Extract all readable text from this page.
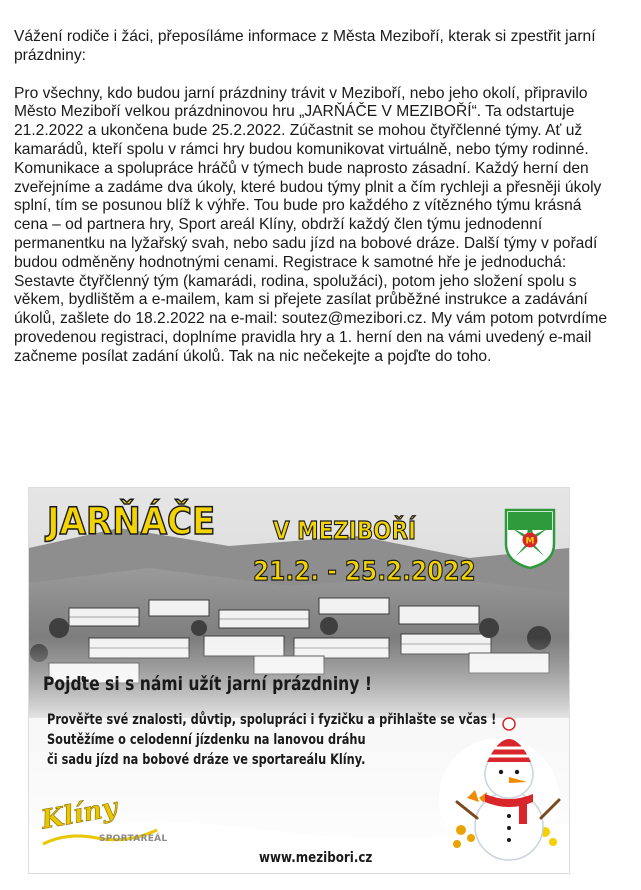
Vážení rodiče i žáci, přeposíláme informace z Města Meziboří, kterak si zpestřit jarní prázdniny:

Pro všechny, kdo budou jarní prázdniny trávit v Meziboří, nebo jeho okolí, připravilo Město Meziboří velkou prázdninovou hru „JARŇÁČE V MEZIBOŘÍ“. Ta odstartuje 21.2.2022 a ukončena bude 25.2.2022. Zúčastnit se mohou čtyřčlenné týmy. Ať už kamarádů, kteří spolu v rámci hry budou komunikovat virtuálně, nebo týmy rodinné. Komunikace a spolupráce hráčů v týmech bude naprosto zásadní. Každý herní den zveřejníme a zadáme dva úkoly, které budou týmy plnit a čím rychleji a přesněji úkoly splní, tím se posunou blíž k výhře. Tou bude pro každého z vítězného týmu krásná cena – od partnera hry, Sport areál Klíny, obdrží každý člen týmu jednodenní permanentku na lyžařský svah, nebo sadu jízd na bobové dráze. Další týmy v pořadí budou odměněny hodnotnými cenami. Registrace k samotné hře je jednoduchá: Sestavte čtyřčlenný tým (kamarádi, rodina, spolužáci), potom jeho složení spolu s věkem, bydlištěm a e-mailem, kam si přejete zasílat průběžné instrukce a zadávání úkolů, zašlete do 18.2.2022 na e-mail: soutez@mezibori.cz. My vám potom potvrdíme provedenou registraci, doplníme pravidla hry a 1. herní den na vámi uvedený e-mail začneme posílat zadání úkolů. Tak na nic nečekejte a pojďte do toho.

JARŇÁČE V MEZIBOŘÍ
21.2. - 25.2.2022
M
Pojďte si s námi užít jarní prázdniny !
Prověřte své znalosti, důvtip, spolupráci i fyzičku a přihlašte se včas !
Soutěžíme o celodenní jízdenku na lanovou dráhu
či sadu jízd na bobové dráze ve sportareálu Klíny.
Klíny
SPORTAREÁL
www.mezibori.cz
